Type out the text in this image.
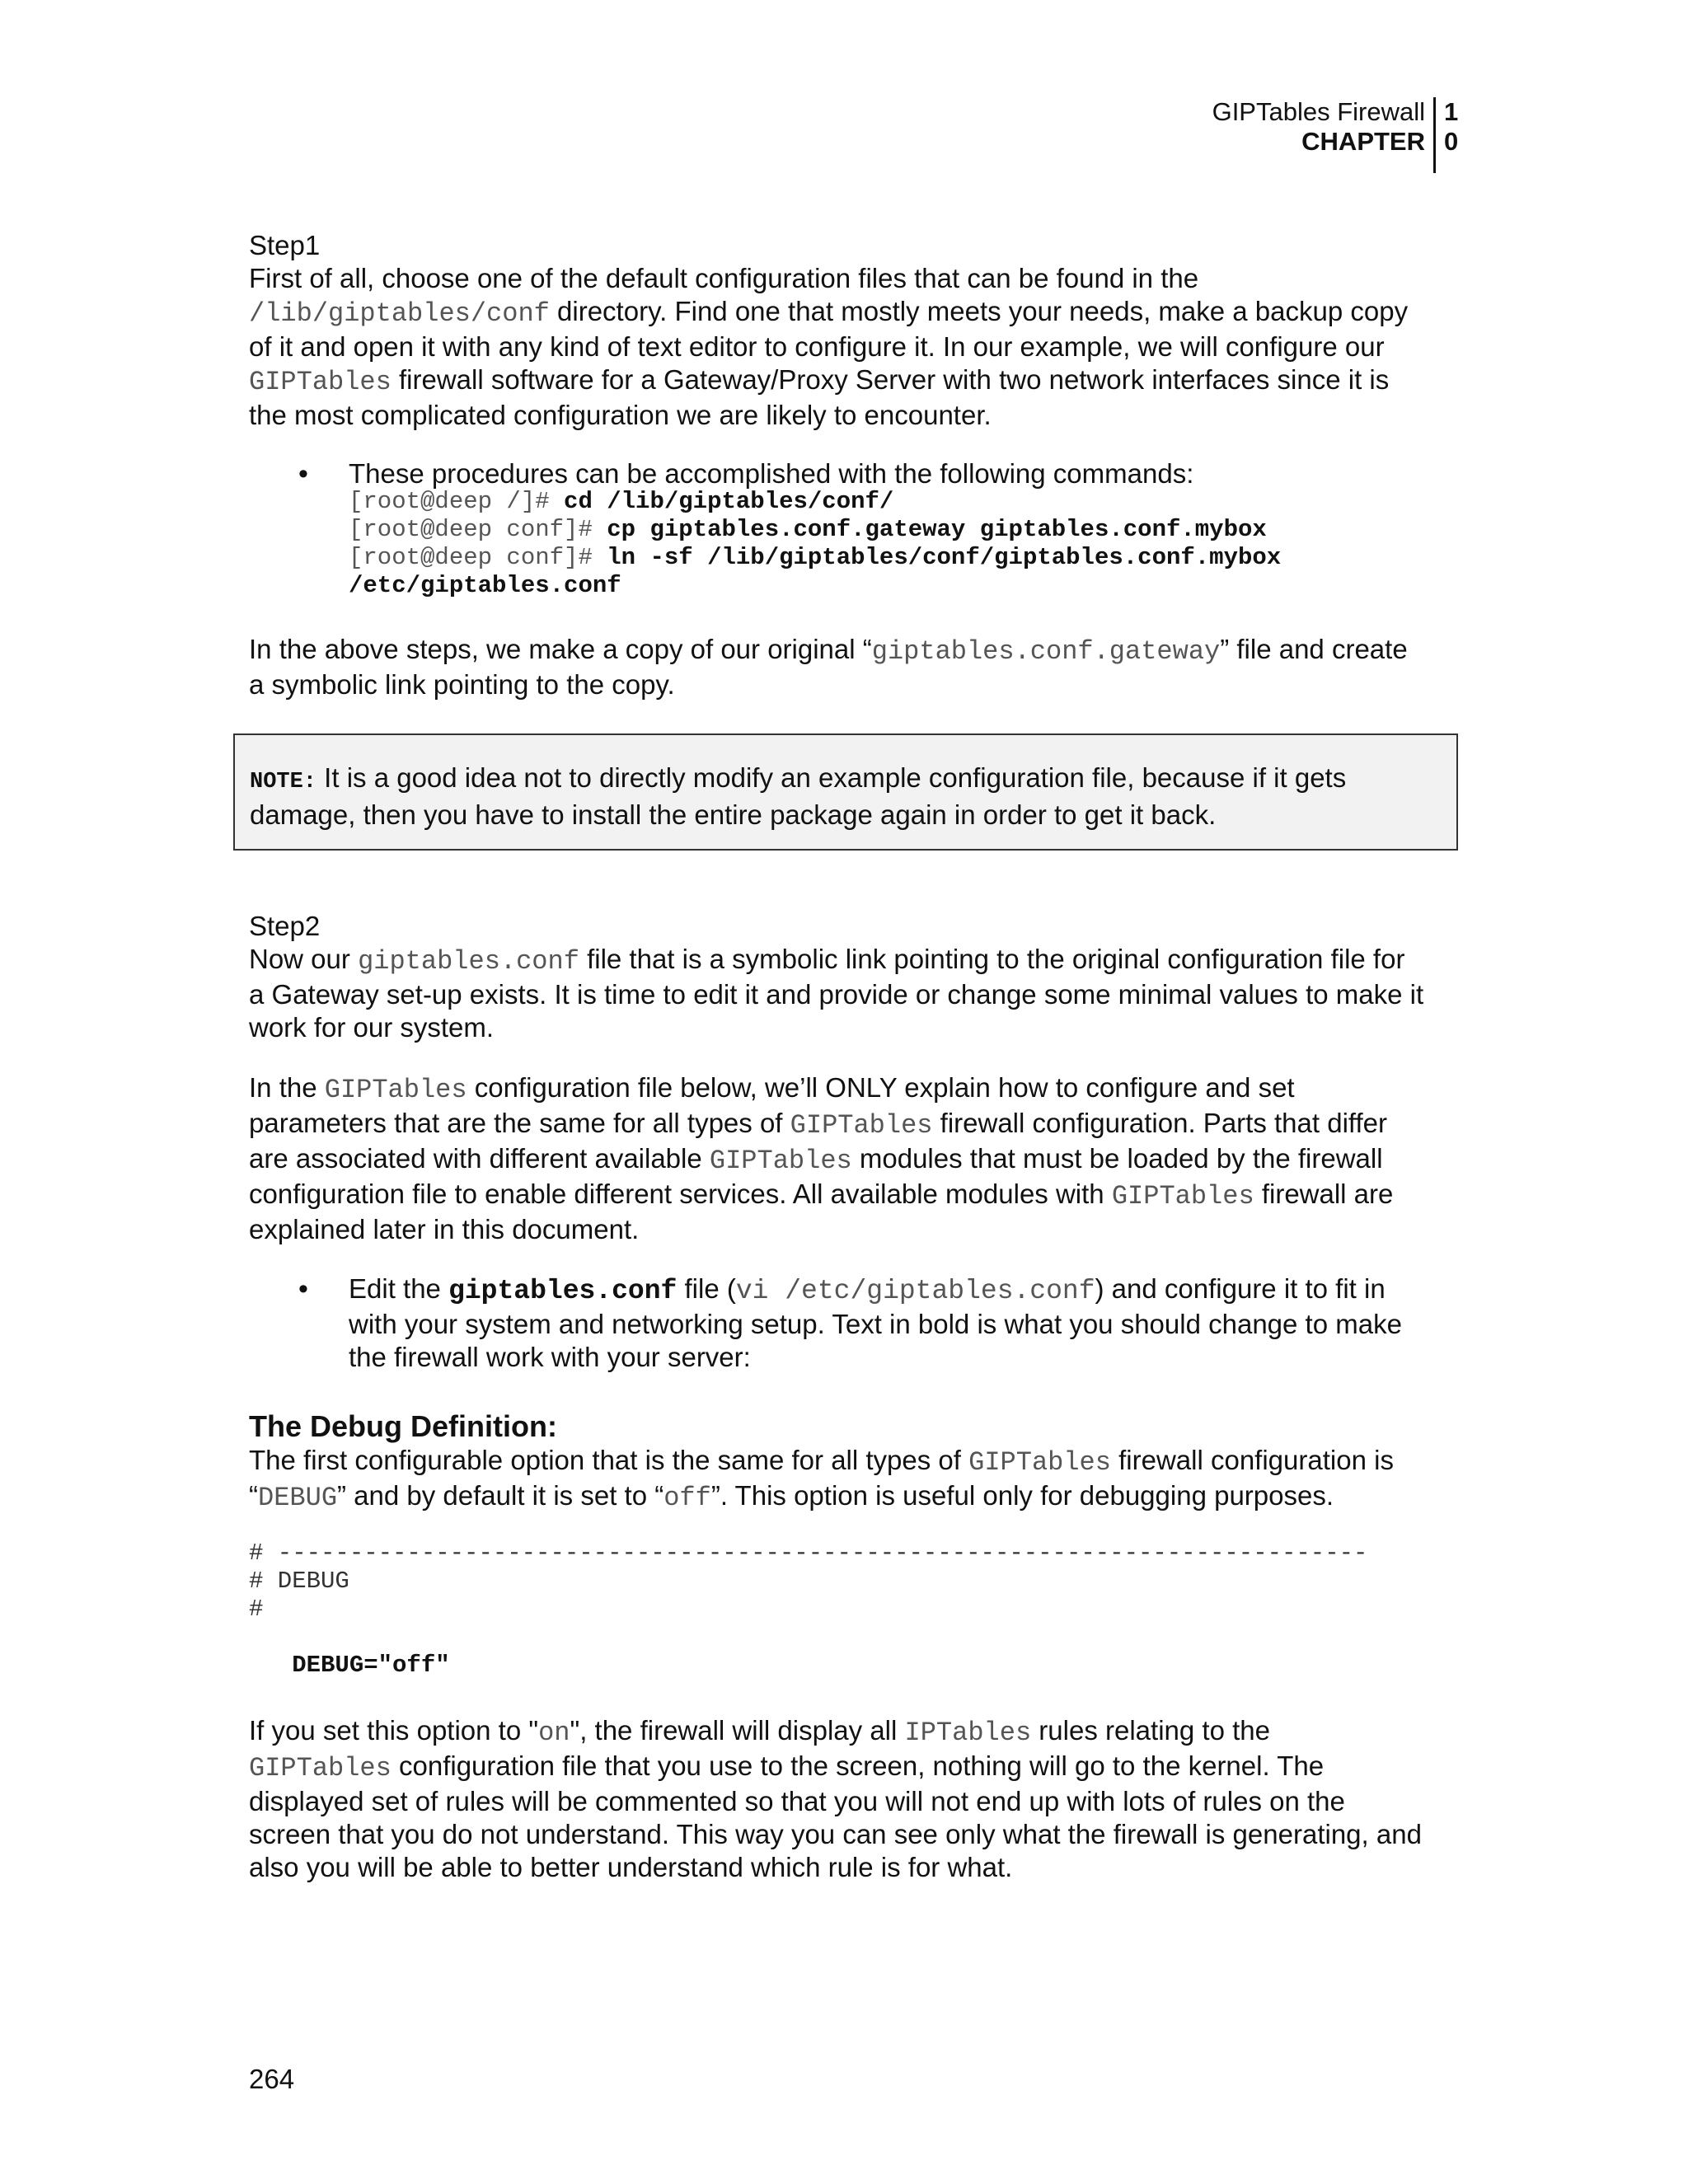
GIPTables Firewall
CHAPTER
1
0
Step1
First of all, choose one of the default configuration files that can be found in the
/lib/giptables/conf directory. Find one that mostly meets your needs, make a backup copy
of it and open it with any kind of text editor to configure it. In our example, we will configure our
GIPTables firewall software for a Gateway/Proxy Server with two network interfaces since it is
the most complicated configuration we are likely to encounter.
• These procedures can be accomplished with the following commands:
[root@deep /]# cd /lib/giptables/conf/
[root@deep conf]# cp giptables.conf.gateway giptables.conf.mybox
[root@deep conf]# ln -sf /lib/giptables/conf/giptables.conf.mybox
/etc/giptables.conf
In the above steps, we make a copy of our original “giptables.conf.gateway” file and create
a symbolic link pointing to the copy.
NOTE: It is a good idea not to directly modify an example configuration file, because if it gets
damage, then you have to install the entire package again in order to get it back.
Step2
Now our giptables.conf file that is a symbolic link pointing to the original configuration file for
a Gateway set-up exists. It is time to edit it and provide or change some minimal values to make it
work for our system.
In the GIPTables configuration file below, we’ll ONLY explain how to configure and set
parameters that are the same for all types of GIPTables firewall configuration. Parts that differ
are associated with different available GIPTables modules that must be loaded by the firewall
configuration file to enable different services. All available modules with GIPTables firewall are
explained later in this document.
• Edit the giptables.conf file (vi /etc/giptables.conf) and configure it to fit in
with your system and networking setup. Text in bold is what you should change to make
the firewall work with your server:
The Debug Definition:
The first configurable option that is the same for all types of GIPTables firewall configuration is
“DEBUG” and by default it is set to “off”. This option is useful only for debugging purposes.
# ----------------------------------------------------------------------------
# DEBUG
#
DEBUG="off"
If you set this option to "on", the firewall will display all IPTables rules relating to the
GIPTables configuration file that you use to the screen, nothing will go to the kernel. The
displayed set of rules will be commented so that you will not end up with lots of rules on the
screen that you do not understand. This way you can see only what the firewall is generating, and
also you will be able to better understand which rule is for what.
264
